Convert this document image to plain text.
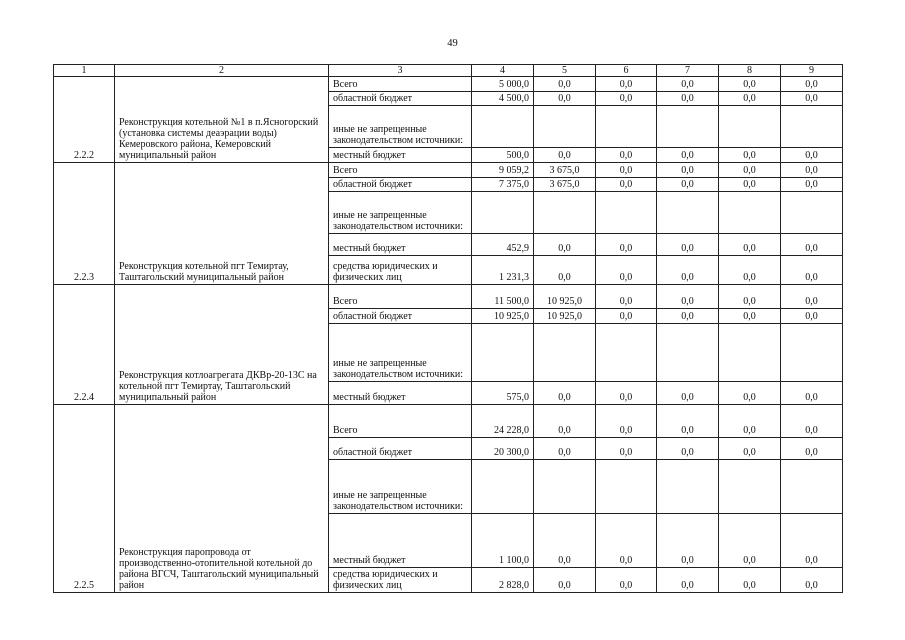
49
1	2	3	4	5	6	7	8	9
2.2.2	Реконструкция котельной №1 в п.Ясногорский (установка системы деаэрации воды) Кемеровского района, Кемеровский муниципальный район	Всего	5 000,0	0,0	0,0	0,0	0,0	0,0
		областной бюджет	4 500,0	0,0	0,0	0,0	0,0	0,0
		иные не запрещенные законодательством источники:						
		местный бюджет	500,0	0,0	0,0	0,0	0,0	0,0
2.2.3	Реконструкция котельной пгт Темиртау, Таштагольский муниципальный район	Всего	9 059,2	3 675,0	0,0	0,0	0,0	0,0
		областной бюджет	7 375,0	3 675,0	0,0	0,0	0,0	0,0
		иные не запрещенные законодательством источники:						
		местный бюджет	452,9	0,0	0,0	0,0	0,0	0,0
		средства юридических и физических лиц	1 231,3	0,0	0,0	0,0	0,0	0,0
2.2.4	Реконструкция котлоагрегата ДКВр-20-13С на котельной пгт Темиртау, Таштагольский муниципальный район	Всего	11 500,0	10 925,0	0,0	0,0	0,0	0,0
		областной бюджет	10 925,0	10 925,0	0,0	0,0	0,0	0,0
		иные не запрещенные законодательством источники:						
		местный бюджет	575,0	0,0	0,0	0,0	0,0	0,0
2.2.5	Реконструкция паропровода от производственно-отопительной котельной до района ВГСЧ, Таштагольский муниципальный район	Всего	24 228,0	0,0	0,0	0,0	0,0	0,0
		областной бюджет	20 300,0	0,0	0,0	0,0	0,0	0,0
		иные не запрещенные законодательством источники:						
		местный бюджет	1 100,0	0,0	0,0	0,0	0,0	0,0
		средства юридических и физических лиц	2 828,0	0,0	0,0	0,0	0,0	0,0
